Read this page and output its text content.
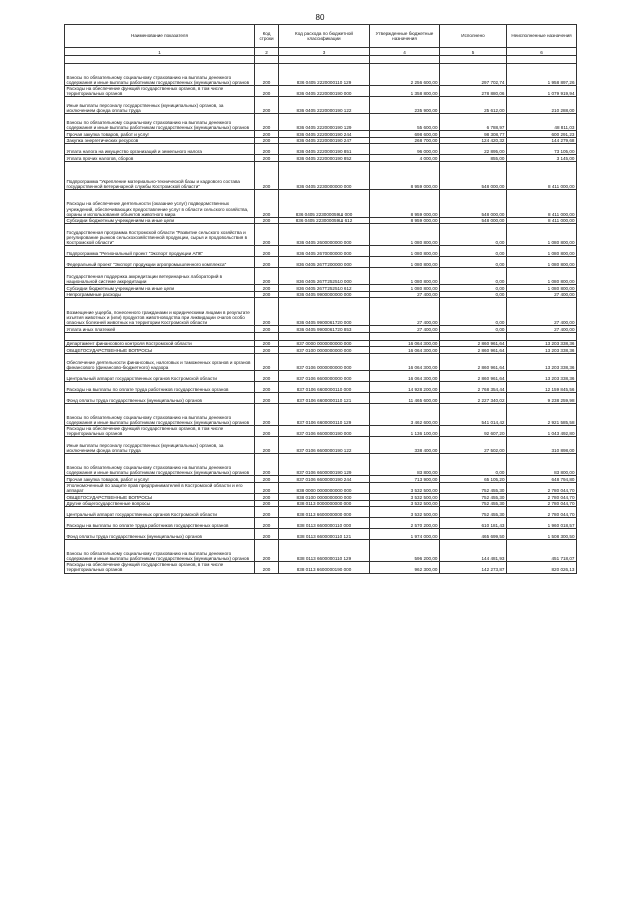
80
Наименование показателя	Код строки	Код расхода по бюджетной классификации	Утвержденные бюджетные назначения	Исполнено	Неисполненные назначения
1	2	3	4	5	6

Взносы по обязательному социальному страхованию на выплаты денежного содержания и иные выплаты работникам государственных (муниципальных) органов	200	836 0405 2220000110 129	2 256 600,00	297 702,74	1 958 897,26
Расходы на обеспечение функций государственных органов, в том числе территориальных органов	200	836 0405 2220000190 000	1 358 800,00	278 880,06	1 079 919,94
Иные выплаты персоналу государственных (муниципальных) органов, за исключением фонда оплаты труда	200	836 0405 2220000190 122	235 900,00	25 612,00	210 288,00
Взносы по обязательному социальному страхованию на выплаты денежного содержания и иные выплаты работникам государственных (муниципальных) органов	200	836 0405 2220000190 129	55 600,00	6 788,97	48 811,03
Прочая закупка товаров, работ и услуг	200	836 0405 2220000190 244	698 600,00	98 308,77	600 291,23
Закупка энергетических ресурсов	200	836 0405 2220000190 247	268 700,00	124 420,32	144 279,68
Уплата налога на имущество организаций и земельного налога	200	836 0405 2220000190 851	96 000,00	22 895,00	73 105,00
Уплата прочих налогов, сборов	200	836 0405 2220000190 852	4 000,00	855,00	3 145,00
Подпрограмма "Укрепление материально-технической базы и кадрового состава государственной ветеринарной службы Костромской области"	200	836 0405 2230000000 000	8 959 000,00	548 000,00	8 411 000,00
Расходы на обеспечение деятельности (оказание услуг) подведомственных учреждений, обеспечивающих предоставление услуг в области сельского хозяйства, охраны и использования объектов животного мира	200	836 0405 223000059Ш 000	8 959 000,00	548 000,00	8 411 000,00
Субсидии бюджетным учреждениям на иные цели	200	836 0405 223000059Ш 612	8 959 000,00	548 000,00	8 411 000,00
Государственная программа Костромской области "Развитие сельского хозяйства и регулирование рынков сельскохозяйственной продукции, сырья и продовольствия в Костромской области"	200	836 0405 2600000000 000	1 080 800,00	0,00	1 080 800,00
Подпрограмма "Региональный проект "Экспорт продукции АПК"	200	836 0405 2670000000 000	1 080 800,00	0,00	1 080 800,00
Федеральный проект "Экспорт продукции агропромышленного комплекса"	200	836 0405 267T200000 000	1 080 800,00	0,00	1 080 800,00
Государственная поддержка аккредитации ветеринарных лабораторий в национальной системе аккредитации	200	836 0405 267T252510 000	1 080 800,00	0,00	1 080 800,00
Субсидии бюджетным учреждениям на иные цели	200	836 0405 267T252510 612	1 080 800,00	0,00	1 080 800,00
Непрограммные расходы	200	836 0405 9900000000 000	27 400,00	0,00	27 400,00
Возмещение ущерба, понесенного гражданами и юридическими лицами в результате изъятия животных и (или) продуктов животноводства при ликвидации очагов особо опасных болезней животных на территории Костромской области	200	836 0405 9900061720 000	27 400,00	0,00	27 400,00
Уплата иных платежей	200	836 0405 9900061720 853	27 400,00	0,00	27 400,00

Департамент финансового контроля Костромской области	200	837 0000 0000000000 000	16 064 300,00	2 860 961,64	13 203 338,36
ОБЩЕГОСУДАРСТВЕННЫЕ ВОПРОСЫ	200	837 0100 0000000000 000	16 064 300,00	2 860 961,64	13 203 338,36
Обеспечение деятельности финансовых, налоговых и таможенных органов и органов финансового (финансово-бюджетного) надзора	200	837 0106 0000000000 000	16 064 300,00	2 860 961,64	13 203 338,36
Центральный аппарат государственных органов Костромской области	200	837 0106 6600000000 000	16 064 300,00	2 860 961,64	13 203 338,36
Расходы на выплаты по оплате труда работников государственных органов	200	837 0106 6600000110 000	14 928 200,00	2 768 354,44	12 159 845,56
Фонд оплаты труда государственных (муниципальных) органов	200	837 0106 6600000110 121	11 465 600,00	2 227 340,02	9 238 259,98
Взносы по обязательному социальному страхованию на выплаты денежного содержания и иные выплаты работникам государственных (муниципальных) органов	200	837 0106 6600000110 129	3 462 600,00	541 014,42	2 921 585,58
Расходы на обеспечение функций государственных органов, в том числе территориальных органов	200	837 0106 6600000190 000	1 136 100,00	92 607,20	1 043 492,80
Иные выплаты персоналу государственных (муниципальных) органов, за исключением фонда оплаты труда	200	837 0106 6600000190 122	338 400,00	27 502,00	310 898,00
Взносы по обязательному социальному страхованию на выплаты денежного содержания и иные выплаты работникам государственных (муниципальных) органов	200	837 0106 6600000190 129	83 800,00	0,00	83 800,00
Прочая закупка товаров, работ и услуг	200	837 0106 6600000190 244	713 900,00	65 105,20	648 794,80
Уполномоченный по защите прав предпринимателей в Костромской области и его аппарат	200	838 0000 0000000000 000	3 532 500,00	752 455,30	2 780 044,70
ОБЩЕГОСУДАРСТВЕННЫЕ ВОПРОСЫ	200	838 0100 0000000000 000	3 532 500,00	752 455,30	2 780 044,70
Другие общегосударственные вопросы	200	838 0113 0000000000 000	3 532 500,00	752 455,30	2 780 044,70
Центральный аппарат государственных органов Костромской области	200	838 0113 6600000000 000	3 532 500,00	752 455,30	2 780 044,70
Расходы на выплаты по оплате труда работников государственных органов	200	838 0113 6600000110 000	2 570 200,00	610 181,43	1 960 018,57
Фонд оплаты труда государственных (муниципальных) органов	200	838 0113 6600000110 121	1 974 000,00	465 699,50	1 508 300,50
Взносы по обязательному социальному страхованию на выплаты денежного содержания и иные выплаты работникам государственных (муниципальных) органов	200	838 0113 6600000110 129	596 200,00	144 481,93	451 718,07
Расходы на обеспечение функций государственных органов, в том числе территориальных органов	200	838 0113 6600000190 000	962 300,00	142 273,87	820 026,13
